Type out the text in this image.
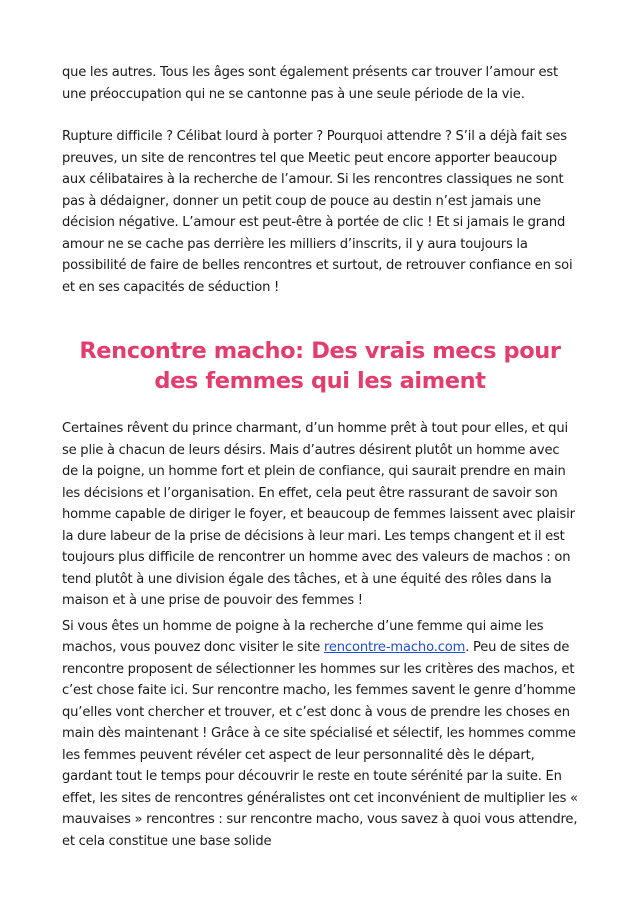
que les autres. Tous les âges sont également présents car trouver l’amour est une préoccupation qui ne se cantonne pas à une seule période de la vie.

Rupture difficile ? Célibat lourd à porter ? Pourquoi attendre ? S’il a déjà fait ses preuves, un site de rencontres tel que Meetic peut encore apporter beaucoup aux célibataires à la recherche de l’amour. Si les rencontres classiques ne sont pas à dédaigner, donner un petit coup de pouce au destin n’est jamais une décision négative. L’amour est peut-être à portée de clic ! Et si jamais le grand amour ne se cache pas derrière les milliers d’inscrits, il y aura toujours la possibilité de faire de belles rencontres et surtout, de retrouver confiance en soi et en ses capacités de séduction !

Rencontre macho: Des vrais mecs pour des femmes qui les aiment

Certaines rêvent du prince charmant, d’un homme prêt à tout pour elles, et qui se plie à chacun de leurs désirs. Mais d’autres désirent plutôt un homme avec de la poigne, un homme fort et plein de confiance, qui saurait prendre en main les décisions et l’organisation. En effet, cela peut être rassurant de savoir son homme capable de diriger le foyer, et beaucoup de femmes laissent avec plaisir la dure labeur de la prise de décisions à leur mari. Les temps changent et il est toujours plus difficile de rencontrer un homme avec des valeurs de machos : on tend plutôt à une division égale des tâches, et à une équité des rôles dans la maison et à une prise de pouvoir des femmes !

Si vous êtes un homme de poigne à la recherche d’une femme qui aime les machos, vous pouvez donc visiter le site rencontre-macho.com. Peu de sites de rencontre proposent de sélectionner les hommes sur les critères des machos, et c’est chose faite ici. Sur rencontre macho, les femmes savent le genre d’homme qu’elles vont chercher et trouver, et c’est donc à vous de prendre les choses en main dès maintenant ! Grâce à ce site spécialisé et sélectif, les hommes comme les femmes peuvent révéler cet aspect de leur personnalité dès le départ, gardant tout le temps pour découvrir le reste en toute sérénité par la suite. En effet, les sites de rencontres généralistes ont cet inconvénient de multiplier les « mauvaises » rencontres : sur rencontre macho, vous savez à quoi vous attendre, et cela constitue une base solide
